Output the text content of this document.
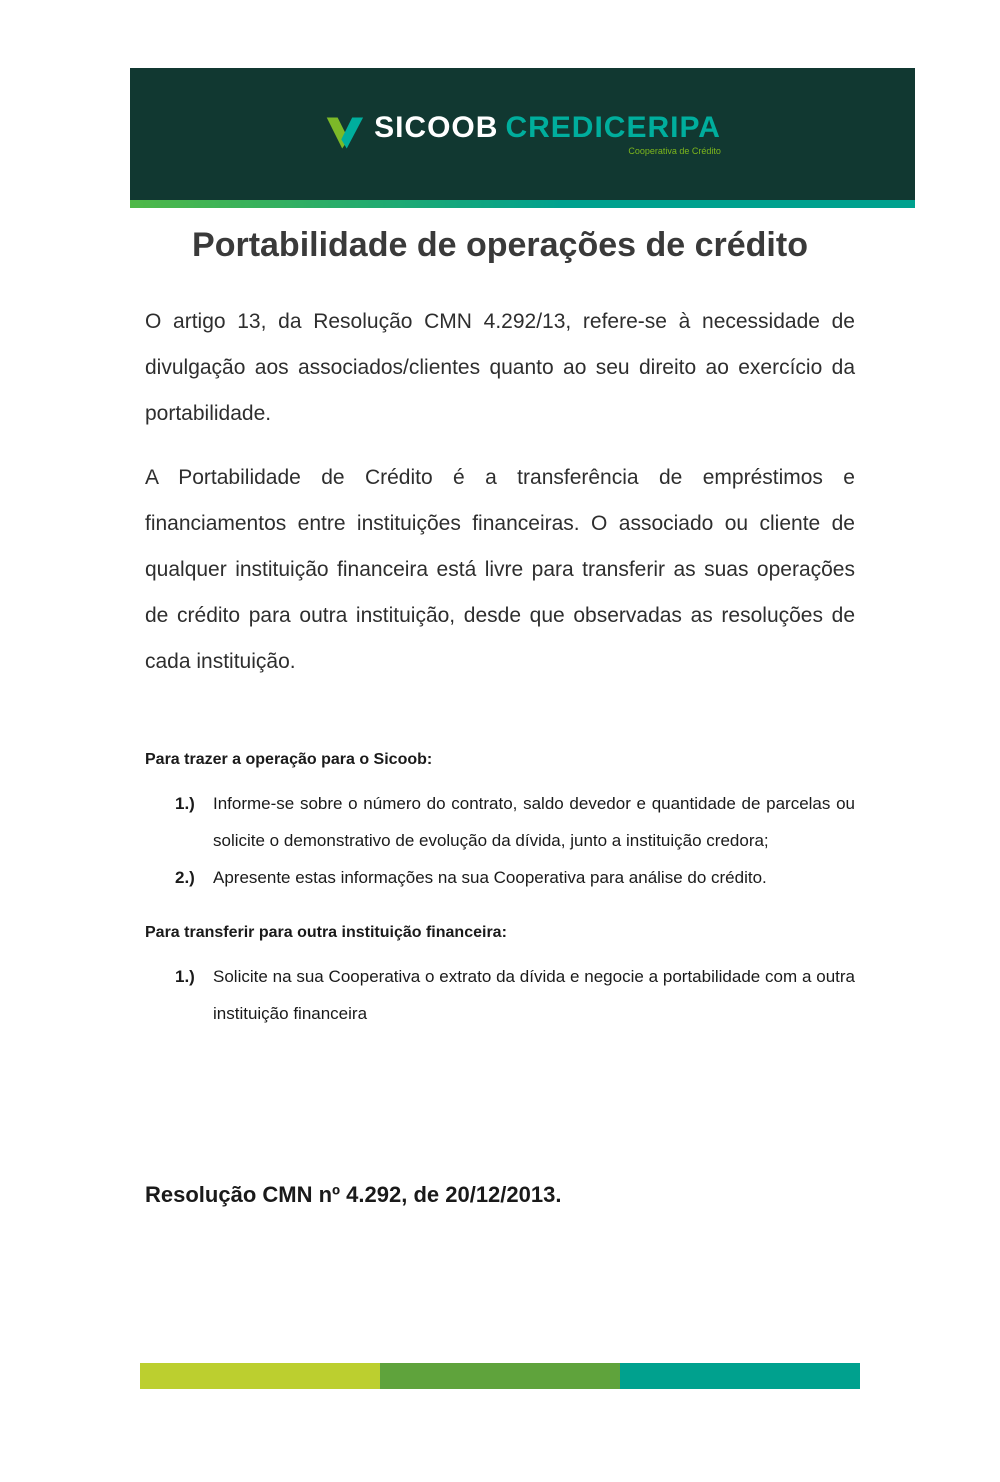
SICOOB CREDICERIPA
Cooperativa de Crédito
Portabilidade de operações de crédito

O artigo 13, da Resolução CMN 4.292/13, refere-se à necessidade de divulgação aos associados/clientes quanto ao seu direito ao exercício da portabilidade.

A Portabilidade de Crédito é a transferência de empréstimos e financiamentos entre instituições financeiras. O associado ou cliente de qualquer instituição financeira está livre para transferir as suas operações de crédito para outra instituição, desde que observadas as resoluções de cada instituição.

Para trazer a operação para o Sicoob:

1.)	Informe-se sobre o número do contrato, saldo devedor e quantidade de parcelas ou solicite o demonstrativo de evolução da dívida, junto a instituição credora;
2.)	Apresente estas informações na sua Cooperativa para análise do crédito.

Para transferir para outra instituição financeira:

1.)	Solicite na sua Cooperativa o extrato da dívida e negocie a portabilidade com a outra instituição financeira

Resolução CMN nº 4.292, de 20/12/2013.
